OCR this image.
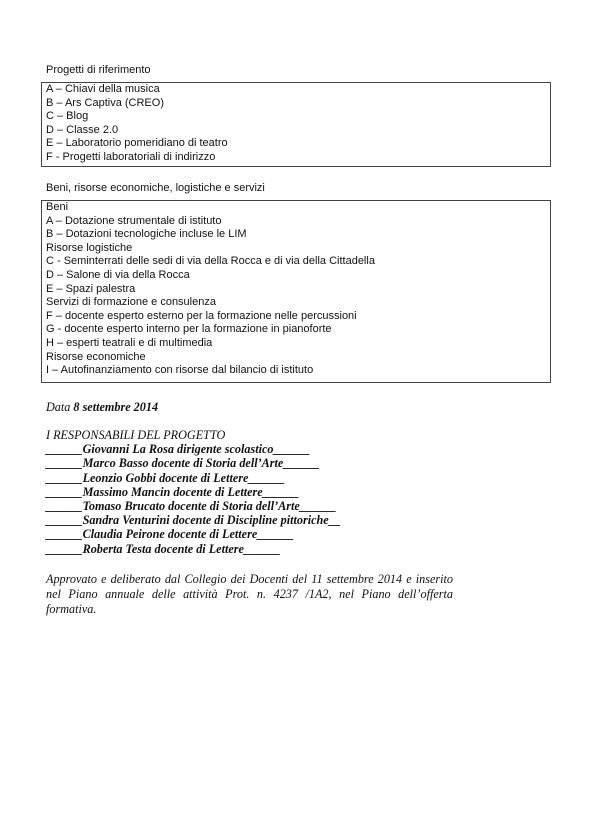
Progetti di riferimento
A – Chiavi della musica
B – Ars Captiva (CREO)
C – Blog
D – Classe 2.0
E – Laboratorio pomeridiano di teatro
F - Progetti laboratoriali di indirizzo
Beni, risorse economiche, logistiche e servizi
Beni
A – Dotazione strumentale di istituto
B – Dotazioni tecnologiche incluse le LIM
Risorse logistiche
C - Seminterrati delle sedi di via della Rocca e di via della Cittadella
D – Salone di via della Rocca
E – Spazi palestra
Servizi di formazione e consulenza
F – docente esperto esterno per la formazione nelle percussioni
G - docente esperto interno per la formazione in pianoforte
H – esperti teatrali e di multimedia
Risorse economiche
I – Autofinanziamento con risorse dal bilancio di istituto

Data 8 settembre 2014

I RESPONSABILI DEL PROGETTO

______Giovanni La Rosa dirigente scolastico______
______Marco Basso docente di Storia dell’Arte______
______Leonzio Gobbi docente di Lettere______
______Massimo Mancin docente di Lettere______
______Tomaso Brucato docente di Storia dell’Arte______
______Sandra Venturini docente di Discipline pittoriche__
______Claudia Peirone docente di Lettere______
______Roberta Testa docente di Lettere______

Approvato e deliberato dal Collegio dei Docenti del 11 settembre 2014 e inserito nel Piano annuale delle attività Prot. n. 4237 /1A2, nel Piano dell’offerta formativa.
